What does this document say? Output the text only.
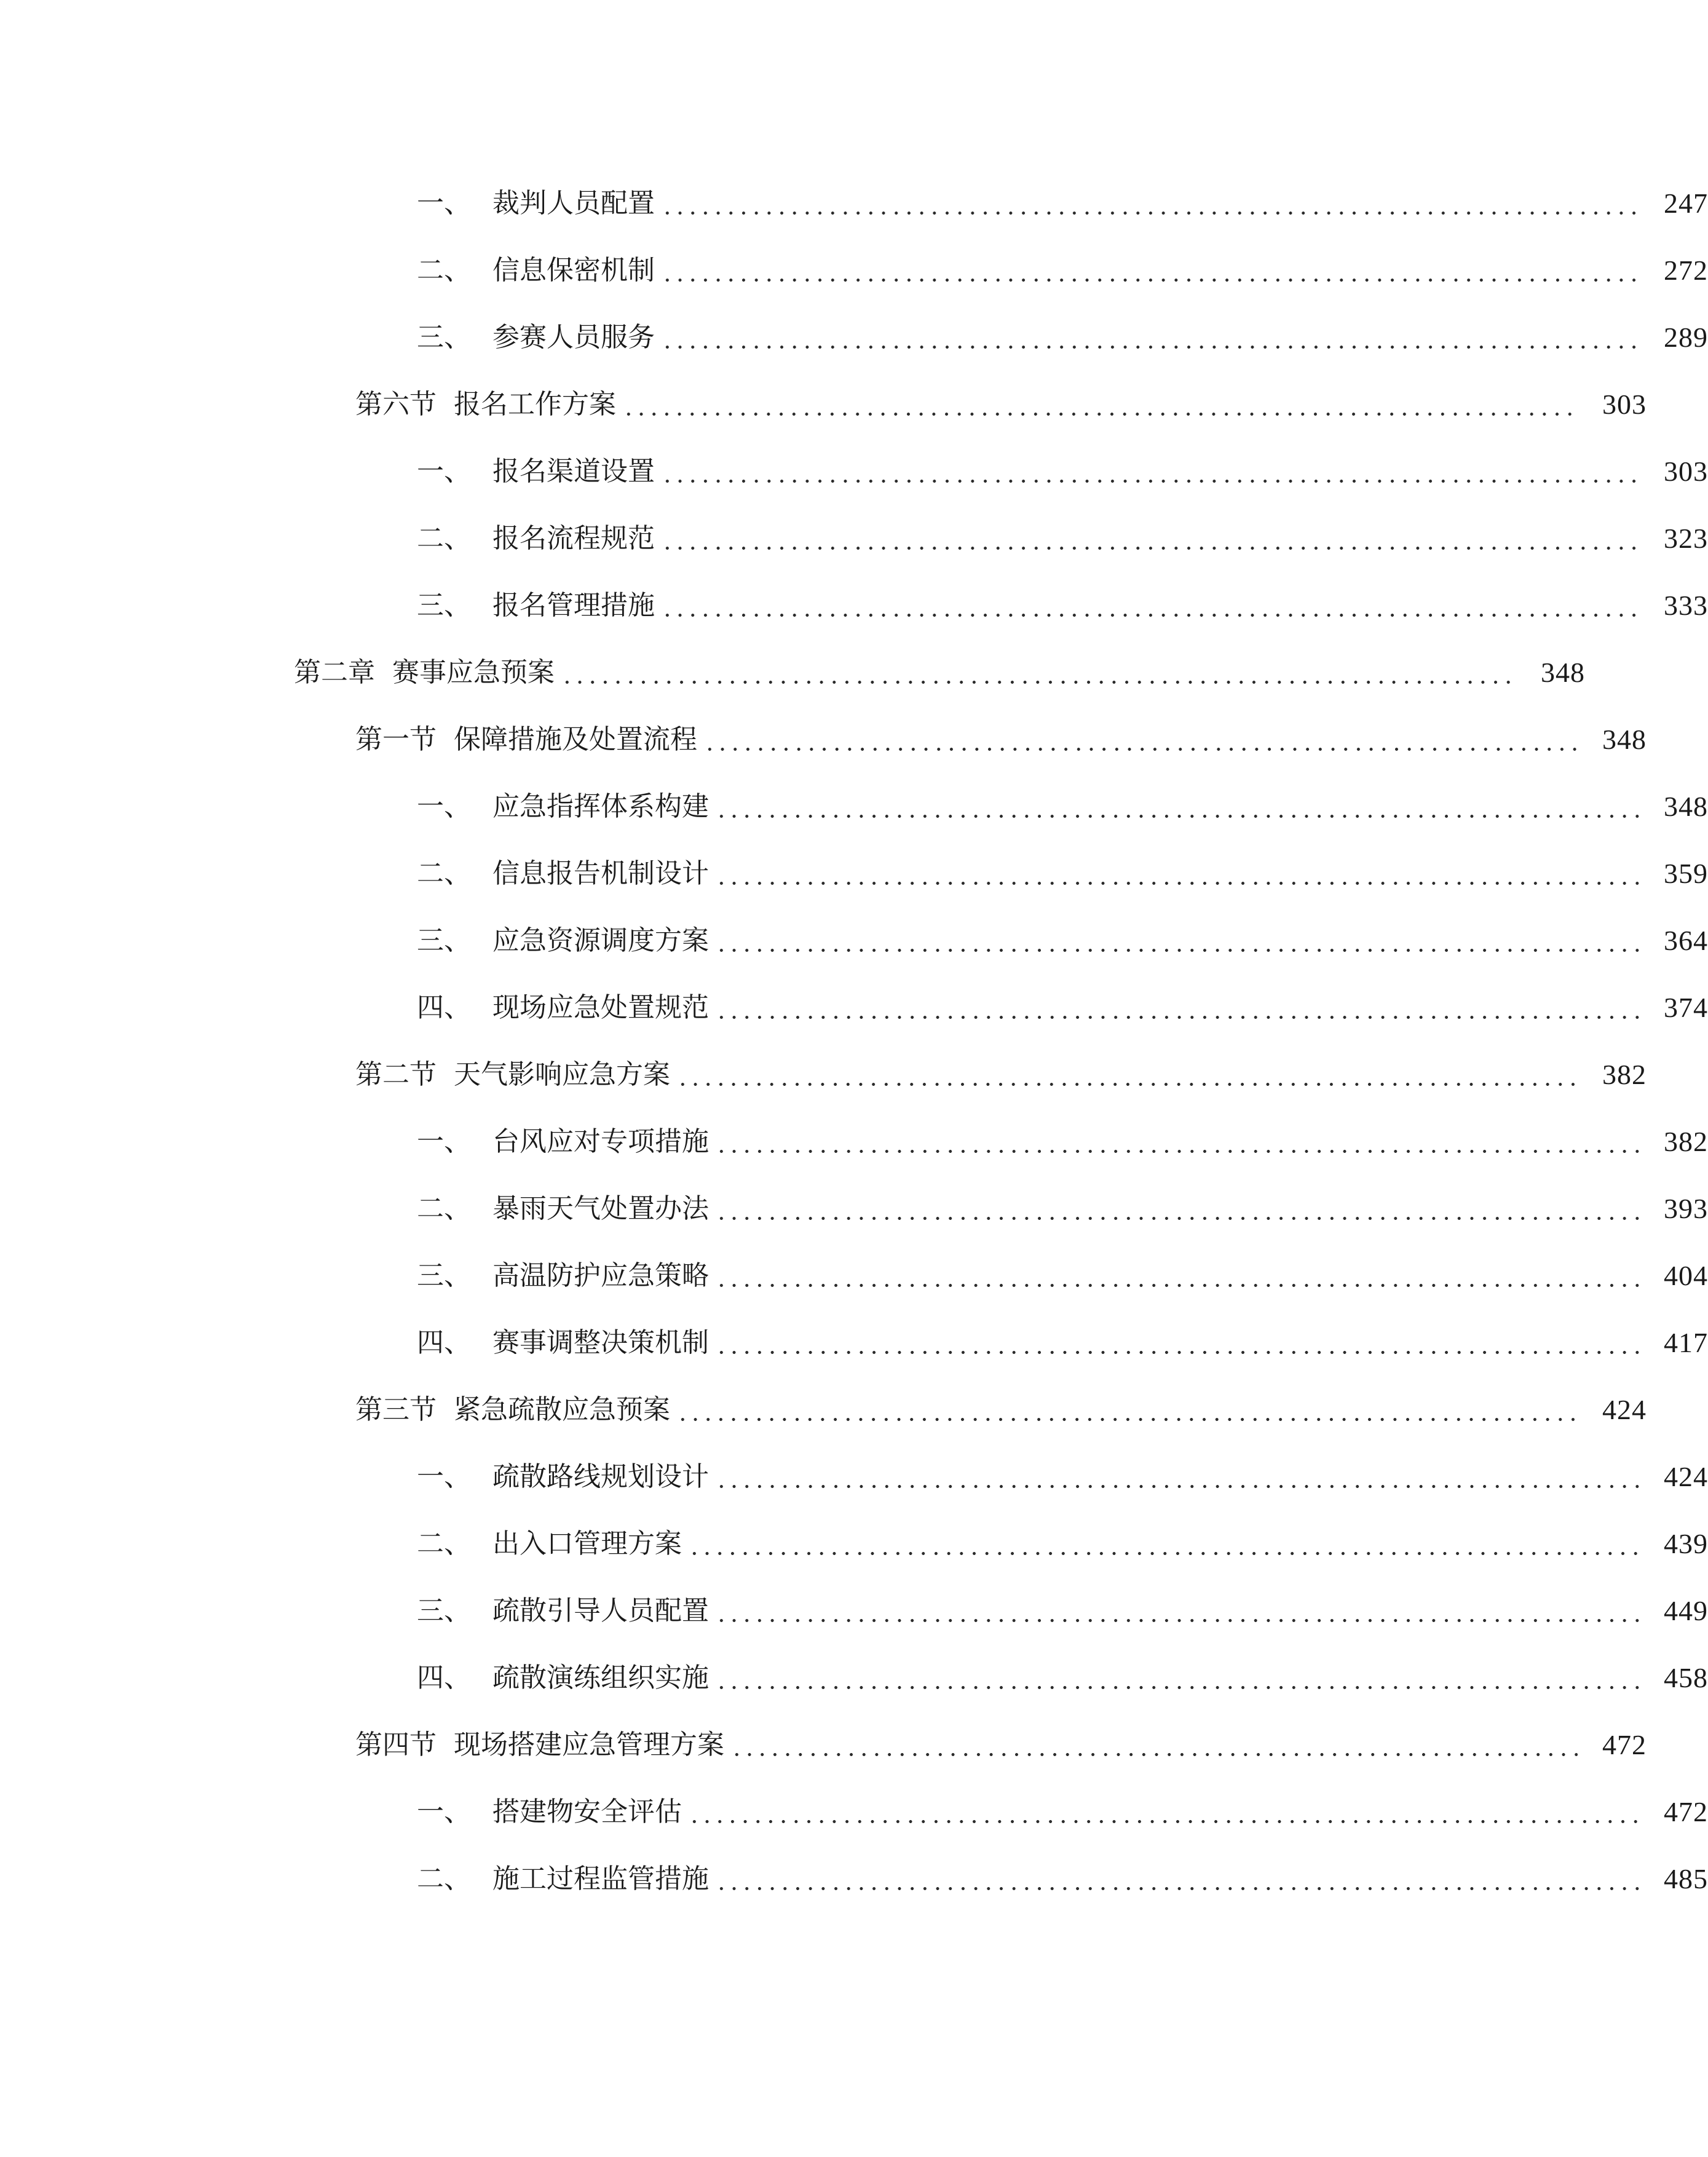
一、 裁判人员配置	247
二、 信息保密机制	272
三、 参赛人员服务	289
第六节 报名工作方案	303
一、 报名渠道设置	303
二、 报名流程规范	323
三、 报名管理措施	333
第二章 赛事应急预案	348
第一节 保障措施及处置流程	348
一、 应急指挥体系构建	348
二、 信息报告机制设计	359
三、 应急资源调度方案	364
四、 现场应急处置规范	374
第二节 天气影响应急方案	382
一、 台风应对专项措施	382
二、 暴雨天气处置办法	393
三、 高温防护应急策略	404
四、 赛事调整决策机制	417
第三节 紧急疏散应急预案	424
一、 疏散路线规划设计	424
二、 出入口管理方案	439
三、 疏散引导人员配置	449
四、 疏散演练组织实施	458
第四节 现场搭建应急管理方案	472
一、 搭建物安全评估	472
二、 施工过程监管措施	485
